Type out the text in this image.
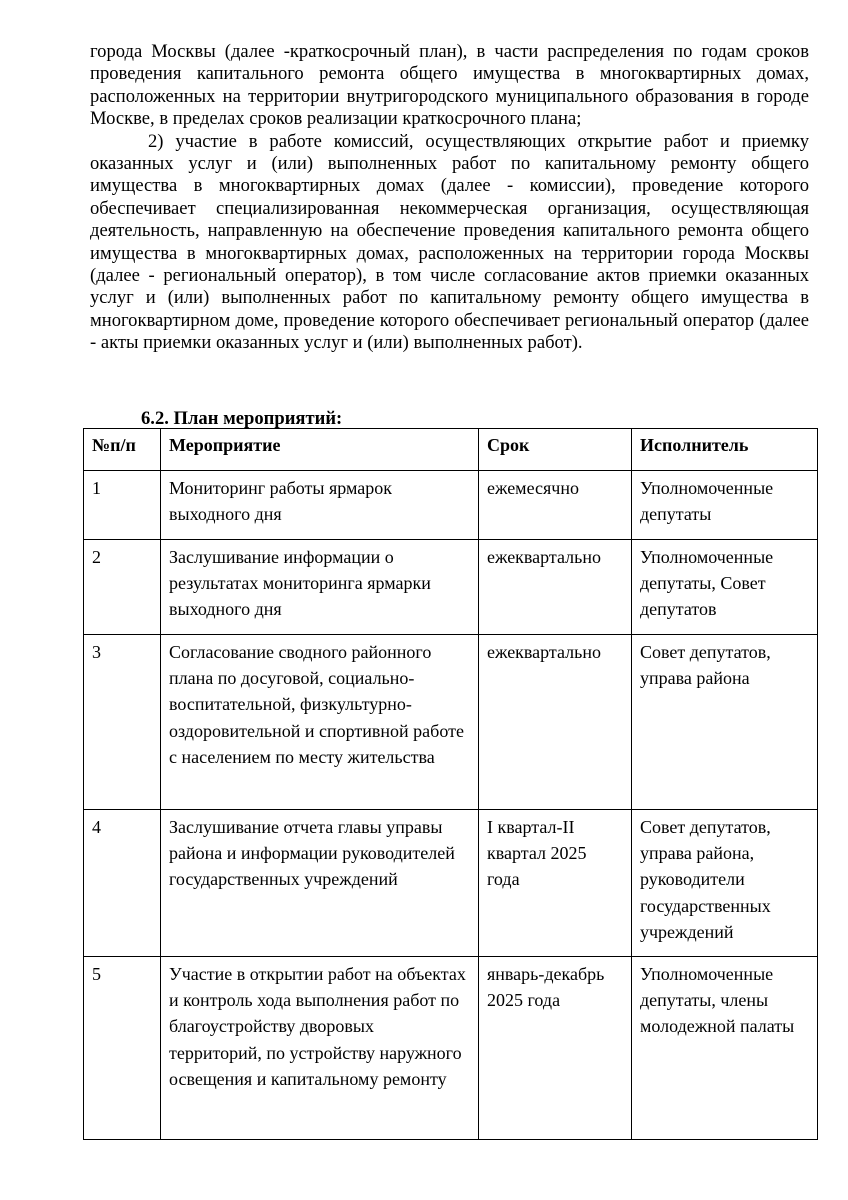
города Москвы (далее -краткосрочный план), в части распределения по годам сроков проведения капитального ремонта общего имущества в многоквартирных домах, расположенных на территории внутригородского муниципального образования в городе Москве, в пределах сроков реализации краткосрочного плана;

2) участие в работе комиссий, осуществляющих открытие работ и приемку оказанных услуг и (или) выполненных работ по капитальному ремонту общего имущества в многоквартирных домах (далее - комиссии), проведение которого обеспечивает специализированная некоммерческая организация, осуществляющая деятельность, направленную на обеспечение проведения капитального ремонта общего имущества в многоквартирных домах, расположенных на территории города Москвы (далее - региональный оператор), в том числе согласование актов приемки оказанных услуг и (или) выполненных работ по капитальному ремонту общего имущества в многоквартирном доме, проведение которого обеспечивает региональный оператор (далее - акты приемки оказанных услуг и (или) выполненных работ).

6.2. План мероприятий:
№п/п	Мероприятие	Срок	Исполнитель
1	Мониторинг работы ярмарок выходного дня	ежемесячно	Уполномоченные депутаты
2	Заслушивание информации о результатах мониторинга ярмарки выходного дня	ежеквартально	Уполномоченные депутаты, Совет депутатов
3	Согласование сводного районного плана по досуговой, социально-воспитательной, физкультурно-оздоровительной и спортивной работе с населением по месту жительства	ежеквартально	Совет депутатов, управа района
4	Заслушивание отчета главы управы района и информации руководителей государственных учреждений	I квартал-II квартал 2025 года	Совет депутатов, управа района, руководители государственных учреждений
5	Участие в открытии работ на объектах и контроль хода выполнения работ по благоустройству дворовых территорий, по устройству наружного освещения и капитальному ремонту	январь-декабрь 2025 года	Уполномоченные депутаты, члены молодежной палаты
